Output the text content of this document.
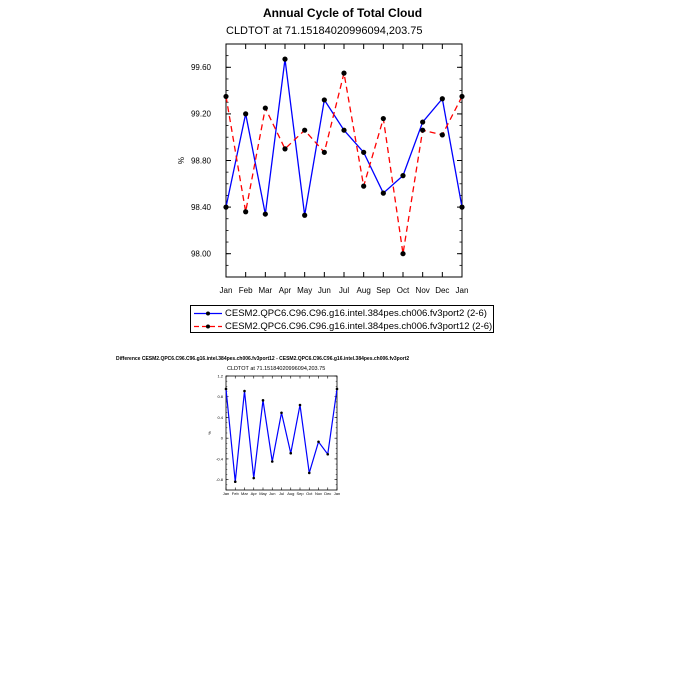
Annual Cycle of Total Cloud
CLDTOT at 71.15184020996094,203.75
98.00
98.40
98.80
99.20
99.60
Jan Feb Mar Apr May Jun Jul Aug Sep Oct Nov Dec Jan
%
-0.8
-0.4
0
0.4
0.8
1.2
Jan Feb Mar Apr May Jun Jul Aug Sep Oct Nov Dec Jan
%
CESM2.QPC6.C96.C96.g16.intel.384pes.ch006.fv3port2 (2-6)
CESM2.QPC6.C96.C96.g16.intel.384pes.ch006.fv3port12 (2-6)
Difference CESM2.QPC6.C96.C96.g16.intel.384pes.ch006.fv3port12 - CESM2.QPC6.C96.C96.g16.intel.384pes.ch006.fv3port2
CLDTOT at 71.15184020996094,203.75
